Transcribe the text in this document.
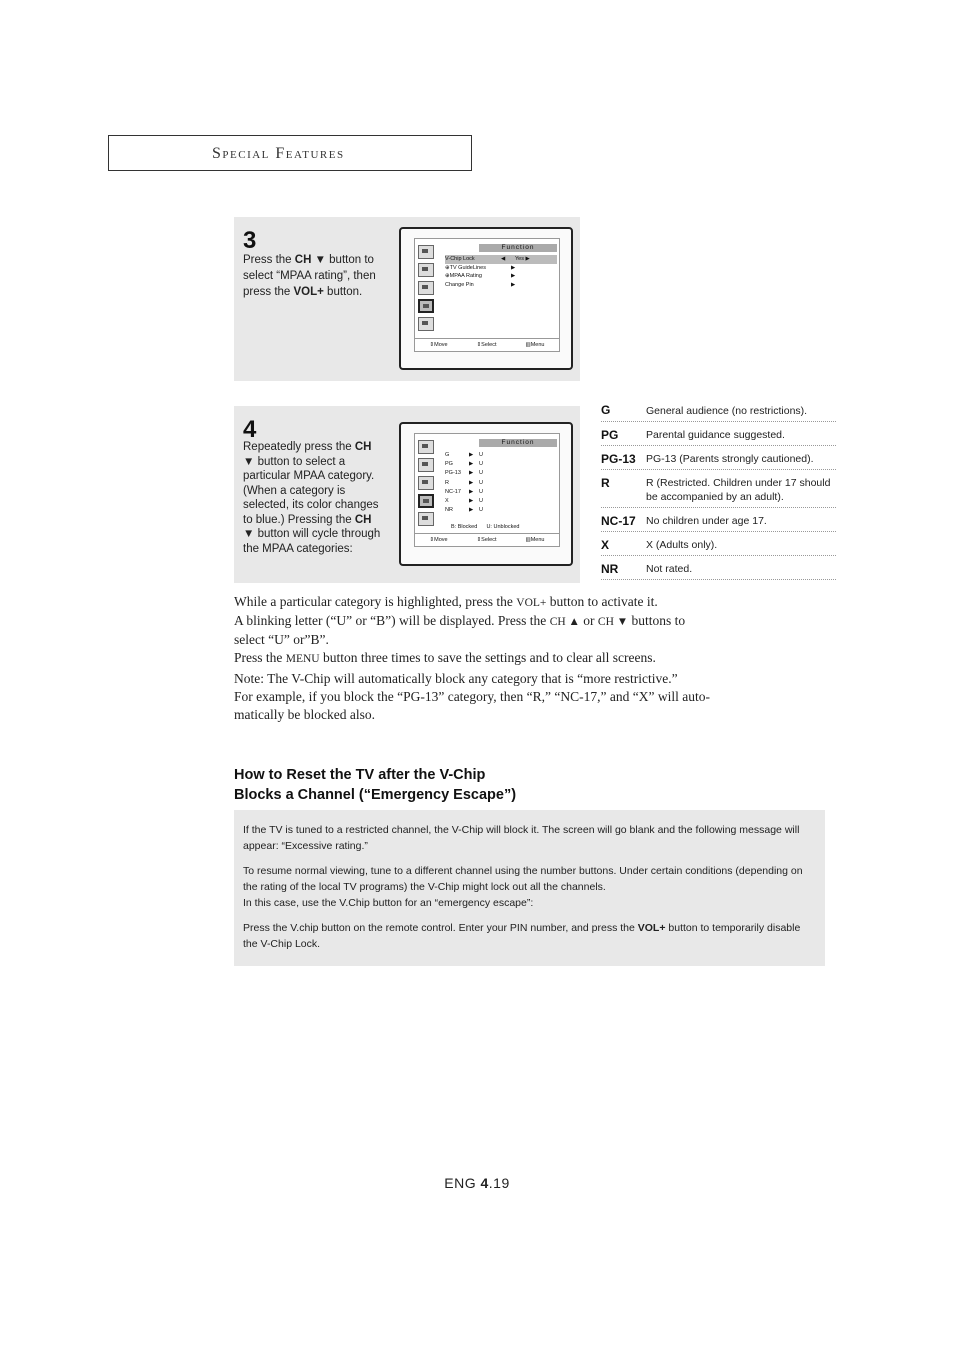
Special Features
3
Press the CH ▼ button to select “MPAA rating”, then press the VOL+ button.
Function
V-Chip Lock	◀ Yes ▶
⊕TV GuideLines	▶
⊕MPAA Rating	▶
Change Pin	▶
⇕Move	⇕Select	▥Menu
4
Repeatedly press the CH ▼ button to select a particular MPAA category. (When a category is selected, its color changes to blue.) Pressing the CH ▼ button will cycle through the MPAA categories:
Function
G	▶ U
PG	▶ U
PG-13 ▶ U
R	▶ U
NC-17 ▶ U
X	▶ U
NR	▶ U
B: Blocked      U: Unblocked
⇕Move	⇕Select	▥Menu
G	General audience (no restrictions).
PG	Parental guidance suggested.
PG-13 PG-13 (Parents strongly cautioned).
R	R (Restricted. Children under 17 should be accompanied by an adult).
NC-17 No children under age 17.
X	X (Adults only).
NR	Not rated.
While a particular category is highlighted, press the VOL+ button to activate it.
A blinking letter (“U” or “B”) will be displayed. Press the CH ▲ or CH ▼ buttons to
select “U” or”B”.
Press the MENU button three times to save the settings and to clear all screens.
Note: The V-Chip will automatically block any category that is “more restrictive.”
For example, if you block the “PG-13” category, then “R,” “NC-17,” and “X” will auto-
matically be blocked also.
How to Reset the TV after the V-Chip
Blocks a Channel (“Emergency Escape”)
If the TV is tuned to a restricted channel, the V-Chip will block it. The screen will go blank and the following message will appear: “Excessive rating.”
To resume normal viewing, tune to a different channel using the number buttons. Under certain conditions (depending on the rating of the local TV programs) the V-Chip might lock out all the channels.
In this case, use the V.Chip button for an “emergency escape”:
Press the V.chip button on the remote control. Enter your PIN number, and press the VOL+ button to temporarily disable the V-Chip Lock.
ENG 4.19
